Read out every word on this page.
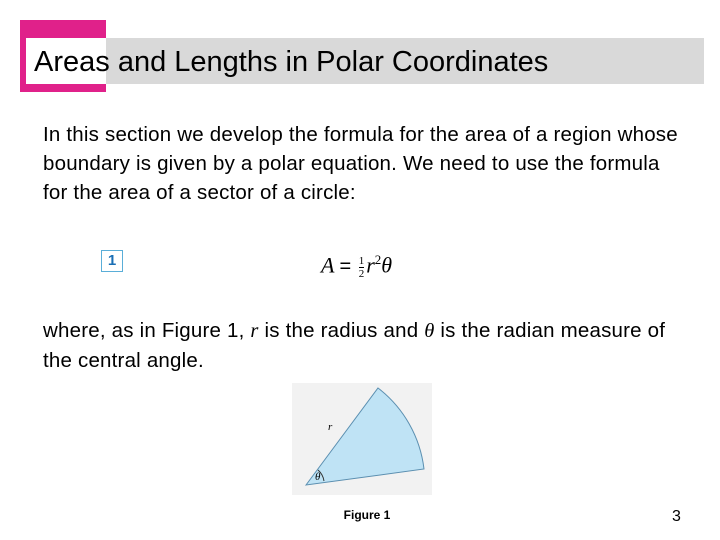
Areas and Lengths in Polar Coordinates
In this section we develop the formula for the area of a region whose boundary is given by a polar equation. We need to use the formula for the area of a sector of a circle:
1	$A = \frac{1}{2} r^2\theta$
where, as in Figure 1, r is the radius and θ is the radian measure of the central angle.
r
θ
Figure 1	3
